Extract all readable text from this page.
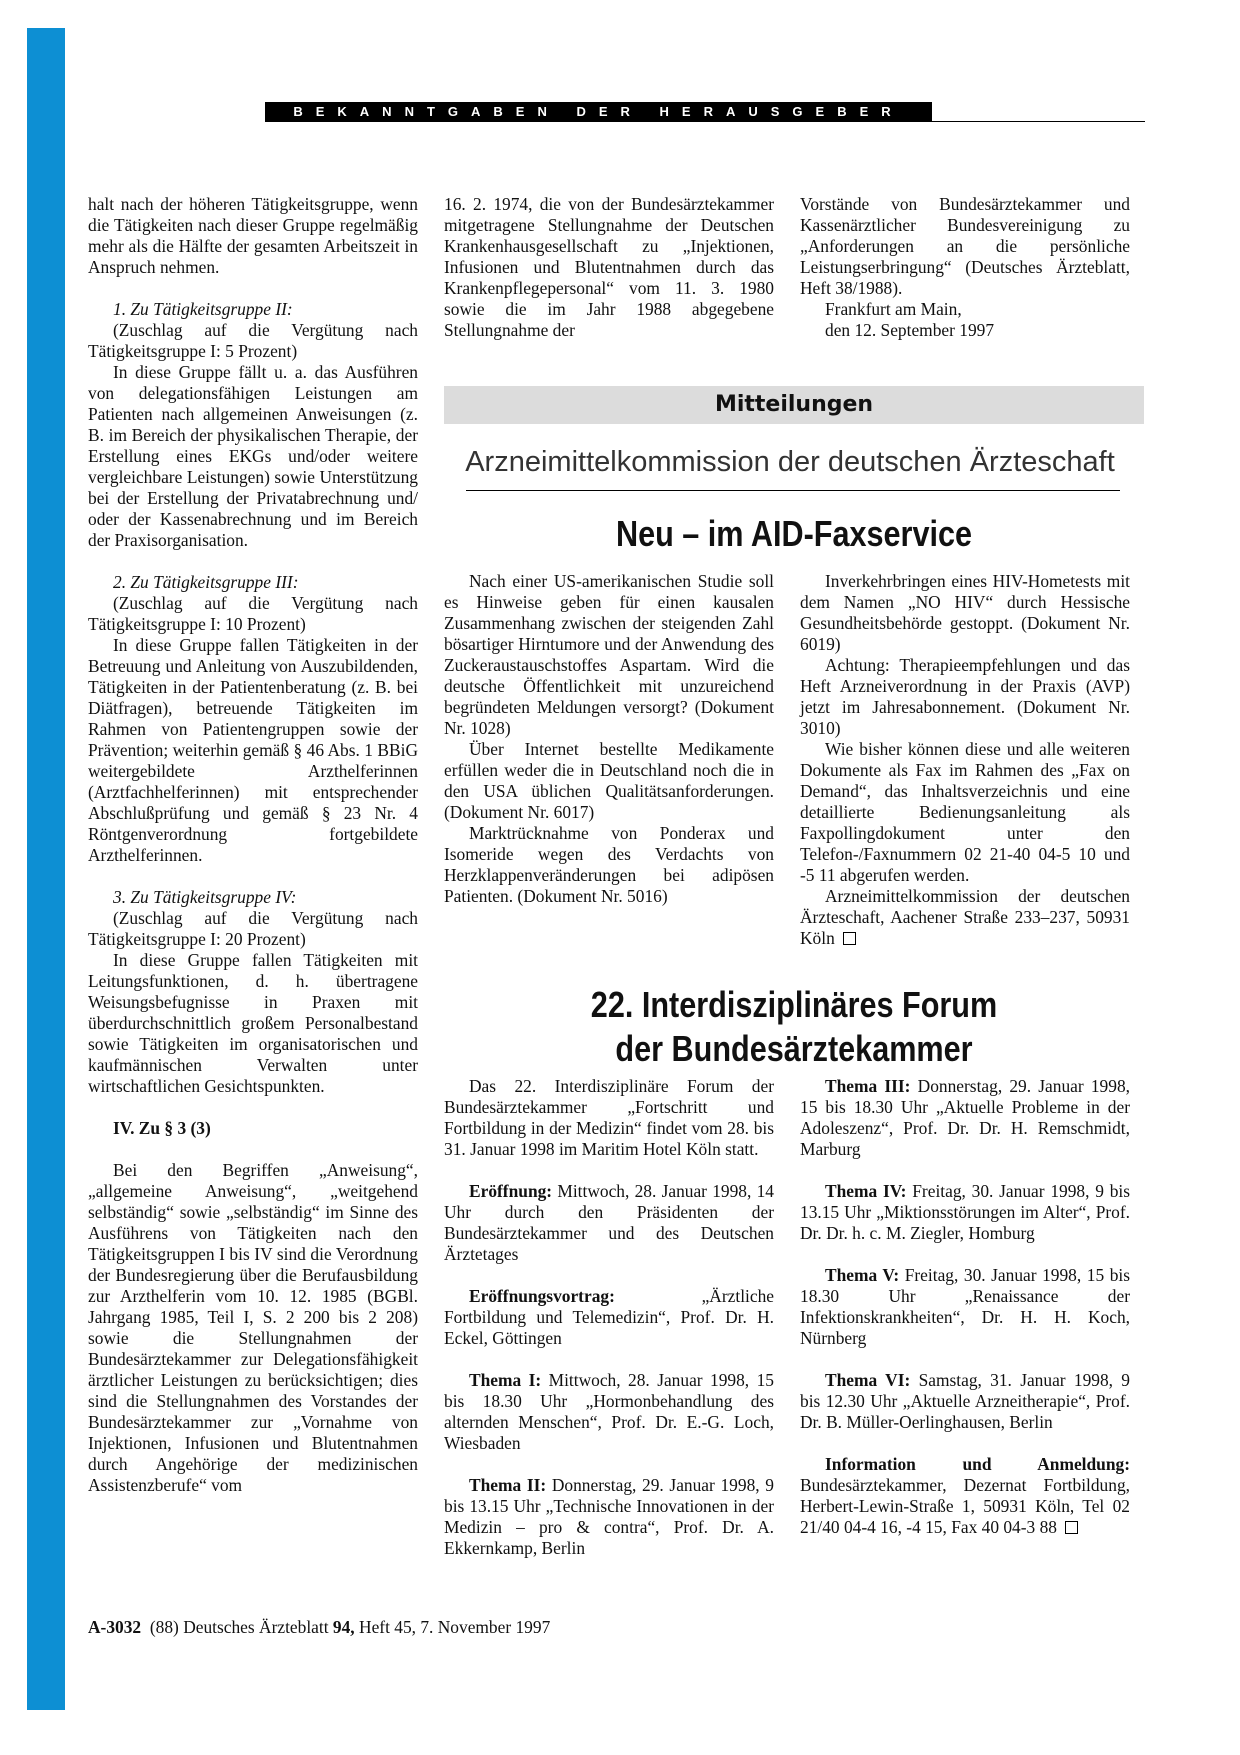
BEKANNTGABEN DER HERAUSGEBER

halt nach der höheren Tätigkeitsgruppe, wenn die Tätigkeiten nach dieser Gruppe regelmäßig mehr als die Hälfte der gesamten Arbeitszeit in Anspruch nehmen.

1. Zu Tätigkeitsgruppe II:

(Zuschlag auf die Vergütung nach Tätigkeitsgruppe I: 5 Prozent)

In diese Gruppe fällt u. a. das Ausführen von delegationsfähigen Leistungen am Patienten nach allgemeinen Anweisungen (z. B. im Bereich der physikalischen Therapie, der Erstellung eines EKGs und/oder weitere vergleichbare Leistungen) sowie Unterstützung bei der Erstellung der Privatabrechnung und/ oder der Kassenabrechnung und im Bereich der Praxisorganisation.

2. Zu Tätigkeitsgruppe III:

(Zuschlag auf die Vergütung nach Tätigkeitsgruppe I: 10 Prozent)

In diese Gruppe fallen Tätigkeiten in der Betreuung und Anleitung von Auszubildenden, Tätigkeiten in der Patientenberatung (z. B. bei Diätfragen), betreuende Tätigkeiten im Rahmen von Patientengruppen sowie der Prävention; weiterhin gemäß § 46 Abs. 1 BBiG weitergebildete Arzthelferinnen (Arztfachhelferinnen) mit entsprechender Abschlußprüfung und gemäß § 23 Nr. 4 Röntgenverordnung fortgebildete Arzthelferinnen.

3. Zu Tätigkeitsgruppe IV:

(Zuschlag auf die Vergütung nach Tätigkeitsgruppe I: 20 Prozent)

In diese Gruppe fallen Tätigkeiten mit Leitungsfunktionen, d. h. übertragene Weisungsbefugnisse in Praxen mit überdurchschnittlich großem Personalbestand sowie Tätigkeiten im organisatorischen und kaufmännischen Verwalten unter wirtschaftlichen Gesichtspunkten.

IV. Zu § 3 (3)

Bei den Begriffen „Anweisung“, „allgemeine Anweisung“, „weitgehend selbständig“ sowie „selbständig“ im Sinne des Ausführens von Tätigkeiten nach den Tätigkeitsgruppen I bis IV sind die Verordnung der Bundesregierung über die Berufausbildung zur Arzthelferin vom 10. 12. 1985 (BGBl. Jahrgang 1985, Teil I, S. 2 200 bis 2 208) sowie die Stellungnahmen der Bundesärztekammer zur Delegationsfähigkeit ärztlicher Leistungen zu berücksichtigen; dies sind die Stellungnahmen des Vorstandes der Bundesärztekammer zur „Vornahme von Injektionen, Infusionen und Blutentnahmen durch Angehörige der medizinischen Assistenzberufe“ vom

16. 2. 1974, die von der Bundesärztekammer mitgetragene Stellungnahme der Deutschen Krankenhausgesellschaft zu „Injektionen, Infusionen und Blutentnahmen durch das Krankenpflegepersonal“ vom 11. 3. 1980 sowie die im Jahr 1988 abgegebene Stellungnahme der

Vorstände von Bundesärztekammer und Kassenärztlicher Bundesvereinigung zu „Anforderungen an die persönliche Leistungserbringung“ (Deutsches Ärzteblatt, Heft 38/1988).

Frankfurt am Main,

den 12. September 1997

Mitteilungen
Arzneimittelkommission der deutschen Ärzteschaft
Neu – im AID-Faxservice

Nach einer US-amerikanischen Studie soll es Hinweise geben für einen kausalen Zusammenhang zwischen der steigenden Zahl bösartiger Hirntumore und der Anwendung des Zuckeraustauschstoffes Aspartam. Wird die deutsche Öffentlichkeit mit unzureichend begründeten Meldungen versorgt? (Dokument Nr. 1028)

Über Internet bestellte Medikamente erfüllen weder die in Deutschland noch die in den USA üblichen Qualitätsanforderungen. (Dokument Nr. 6017)

Marktrücknahme von Ponderax und Isomeride wegen des Verdachts von Herzklappenveränderungen bei adipösen Patienten. (Dokument Nr. 5016)

Inverkehrbringen eines HIV-Hometests mit dem Namen „NO HIV“ durch Hessische Gesundheitsbehörde gestoppt. (Dokument Nr. 6019)

Achtung: Therapieempfehlungen und das Heft Arzneiverordnung in der Praxis (AVP) jetzt im Jahresabonnement. (Dokument Nr. 3010)

Wie bisher können diese und alle weiteren Dokumente als Fax im Rahmen des „Fax on Demand“, das Inhaltsverzeichnis und eine detaillierte Bedienungsanleitung als Faxpollingdokument unter den Telefon-/Faxnummern 02 21-40 04-5 10 und -5 11 abgerufen werden.

Arzneimittelkommission der deutschen Ärzteschaft, Aachener Straße 233–237, 50931 Köln

22. Interdisziplinäres Forum
der Bundesärztekammer

Das 22. Interdisziplinäre Forum der Bundesärztekammer „Fortschritt und Fortbildung in der Medizin“ findet vom 28. bis 31. Januar 1998 im Maritim Hotel Köln statt.

Eröffnung: Mittwoch, 28. Januar 1998, 14 Uhr durch den Präsidenten der Bundesärztekammer und des Deutschen Ärztetages

Eröffnungsvortrag: „Ärztliche Fortbildung und Telemedizin“, Prof. Dr. H. Eckel, Göttingen

Thema I: Mittwoch, 28. Januar 1998, 15 bis 18.30 Uhr „Hormonbehandlung des alternden Menschen“, Prof. Dr. E.-G. Loch, Wiesbaden

Thema II: Donnerstag, 29. Januar 1998, 9 bis 13.15 Uhr „Technische Innovationen in der Medizin – pro & contra“, Prof. Dr. A. Ekkernkamp, Berlin

Thema III: Donnerstag, 29. Januar 1998, 15 bis 18.30 Uhr „Aktuelle Probleme in der Adoleszenz“, Prof. Dr. Dr. H. Remschmidt, Marburg

Thema IV: Freitag, 30. Januar 1998, 9 bis 13.15 Uhr „Miktionsstörungen im Alter“, Prof. Dr. Dr. h. c. M. Ziegler, Homburg

Thema V: Freitag, 30. Januar 1998, 15 bis 18.30 Uhr „Renaissance der Infektionskrankheiten“, Dr. H. H. Koch, Nürnberg

Thema VI: Samstag, 31. Januar 1998, 9 bis 12.30 Uhr „Aktuelle Arzneitherapie“, Prof. Dr. B. Müller-Oerlinghausen, Berlin

Information und Anmeldung: Bundesärztekammer, Dezernat Fortbildung, Herbert-Lewin-Straße 1, 50931 Köln, Tel 02 21/40 04-4 16, -4 15, Fax 40 04-3 88

A-3032 (88) Deutsches Ärzteblatt 94, Heft 45, 7. November 1997
